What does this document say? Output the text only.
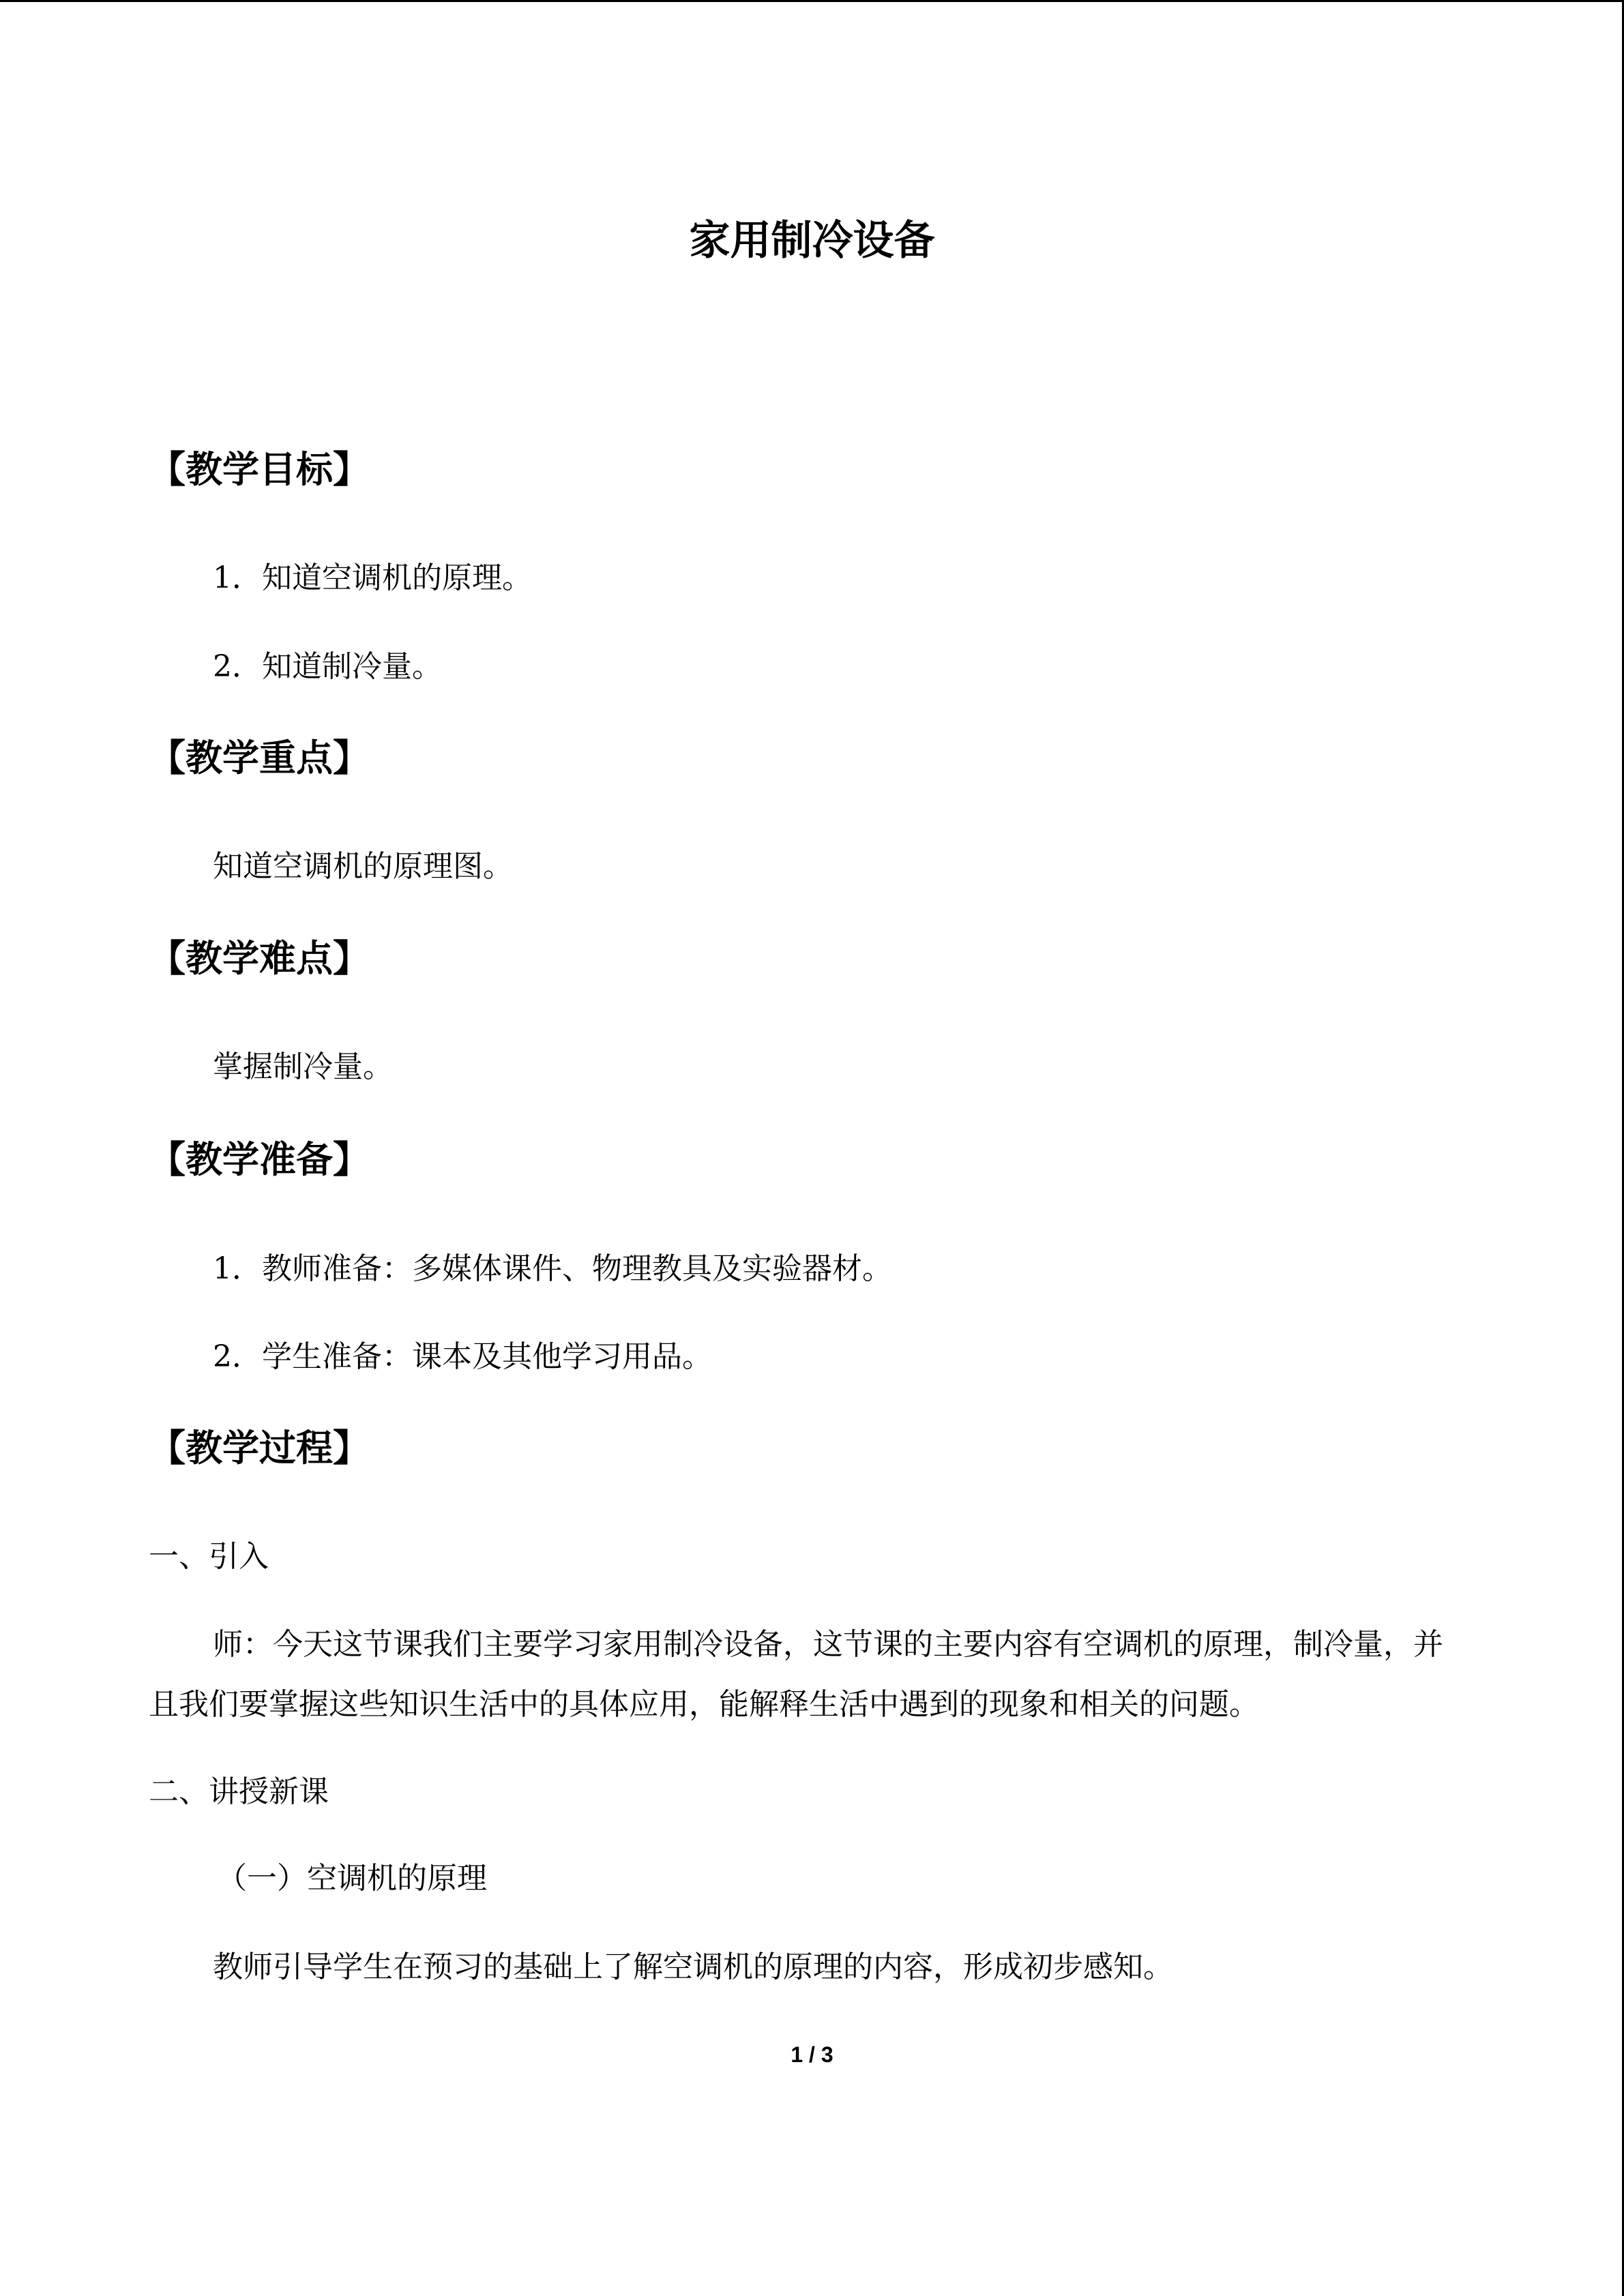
家用制冷设备
【教学目标】
1．知道空调机的原理。
2．知道制冷量。
【教学重点】
知道空调机的原理图。
【教学难点】
掌握制冷量。
【教学准备】
1．教师准备：多媒体课件、物理教具及实验器材。
2．学生准备：课本及其他学习用品。
【教学过程】
一、引入
师：今天这节课我们主要学习家用制冷设备，这节课的主要内容有空调机的原理，制冷量，并且我们要掌握这些知识生活中的具体应用，能解释生活中遇到的现象和相关的问题。
二、讲授新课
（一）空调机的原理
教师引导学生在预习的基础上了解空调机的原理的内容，形成初步感知。
1 / 3
